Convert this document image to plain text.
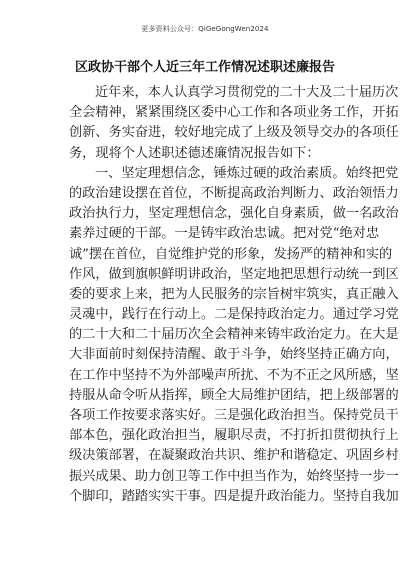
更多资料公众号：QiGeGongWen2024
区政协干部个人近三年工作情况述职述廉报告
近年来，本人认真学习贯彻党的二十大及二十届历次
全会精神，紧紧围绕区委中心工作和各项业务工作，开拓
创新、务实奋进，较好地完成了上级及领导交办的各项任
务，现将个人述职述德述廉情况报告如下：
一、坚定理想信念，锤炼过硬的政治素质。始终把党
的政治建设摆在首位，不断提高政治判断力、政治领悟力
政治执行力，坚定理想信念，强化自身素质，做一名政治
素养过硬的干部。一是铸牢政治忠诚。把对党“绝对忠
诚”摆在首位，自觉维护党的形象，发扬严的精神和实的
作风，做到旗帜鲜明讲政治，坚定地把思想行动统一到区
委的要求上来，把为人民服务的宗旨树牢筑实，真正融入
灵魂中，践行在行动上。二是保持政治定力。通过学习党
的二十大和二十届历次全会精神来铸牢政治定力。在大是
大非面前时刻保持清醒、敢于斗争，始终坚持正确方向，
在工作中坚持不为外部噪声所扰、不为不正之风所感，坚
持服从命令听从指挥，顾全大局维护团结，把上级部署的
各项工作按要求落实好。三是强化政治担当。保持党员干
部本色，强化政治担当，履职尽责，不打折扣贯彻执行上
级决策部署，在凝聚政治共识、维护和谐稳定、巩固乡村
振兴成果、助力创卫等工作中担当作为，始终坚持一步一
个脚印，踏踏实实干事。四是提升政治能力。坚持自我加
